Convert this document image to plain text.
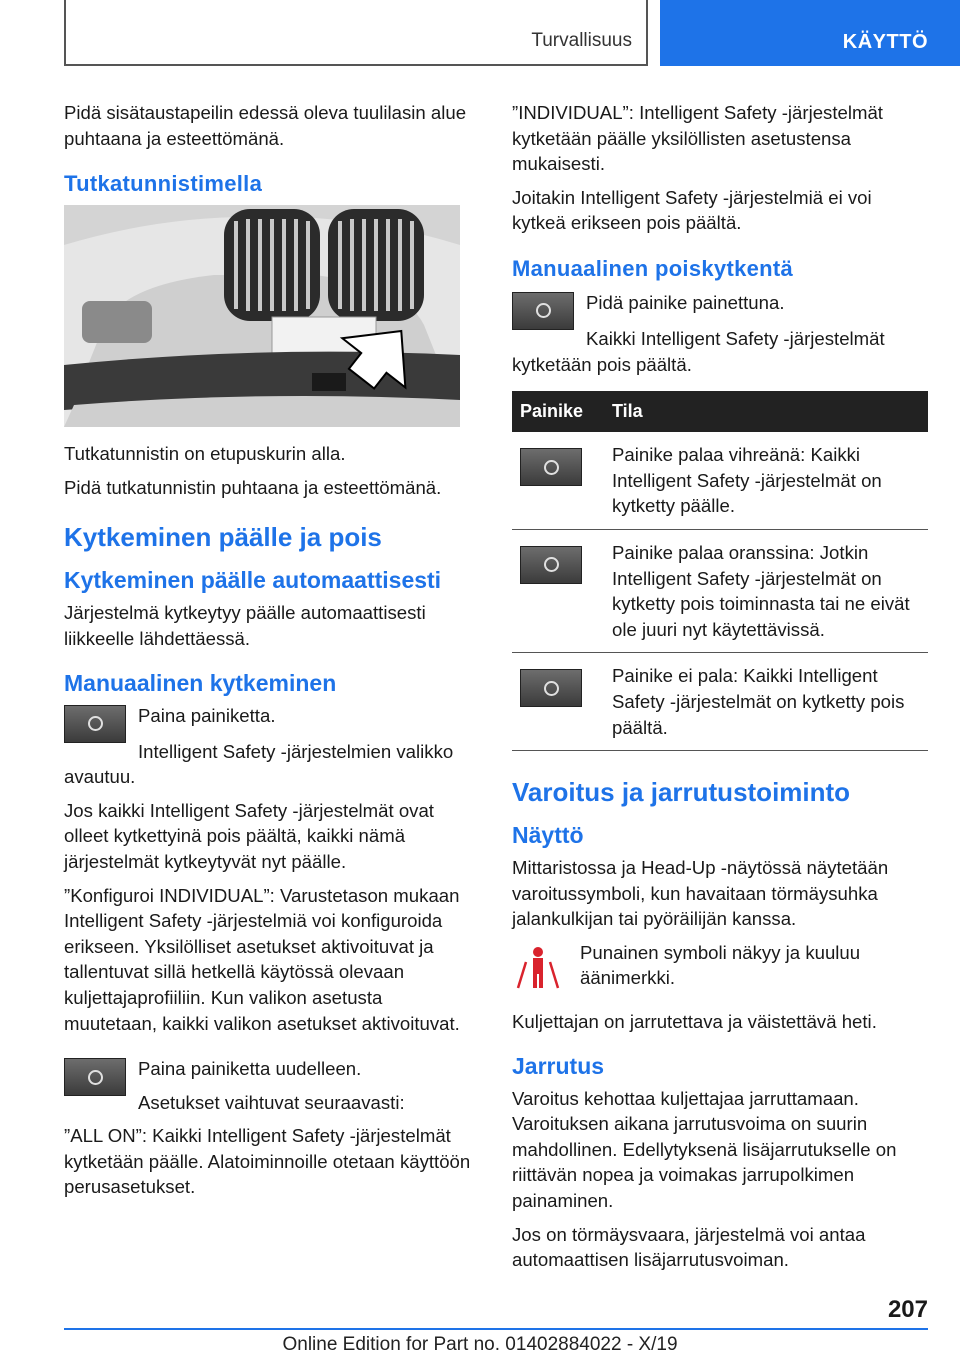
Turvallisuus	KÄYTTÖ

Pidä sisätaustapeilin edessä oleva tuulilasin alue puhtaana ja esteettömänä.

Tutkatunnistimella

Tutkatunnistin on etupuskurin alla.

Pidä tutkatunnistin puhtaana ja esteettömänä.

Kytkeminen päälle ja pois
Kytkeminen päälle automaattisesti

Järjestelmä kytkeytyy päälle automaattisesti liikkeelle lähdettäessä.

Manuaalinen kytkeminen

Paina painiketta.

Intelligent Safety -järjestelmien valikko avautuu.

Jos kaikki Intelligent Safety -järjestelmät ovat olleet kytkettyinä pois päältä, kaikki nämä järjestelmät kytkeytyvät nyt päälle.

”Konfiguroi INDIVIDUAL”: Varustetason mukaan Intelligent Safety -järjestelmiä voi konfiguroida erikseen. Yksilölliset asetukset aktivoituvat ja tallentuvat sillä hetkellä käytössä olevaan kuljettajaprofiiliin. Kun valikon asetusta muutetaan, kaikki valikon asetukset aktivoituvat.

Paina painiketta uudelleen.

Asetukset vaihtuvat seuraavasti:

”ALL ON”: Kaikki Intelligent Safety -järjestelmät kytketään päälle. Alatoiminnoille otetaan käyttöön perusasetukset.

”INDIVIDUAL”: Intelligent Safety -järjestelmät kytketään päälle yksilöllisten asetustensa mukaisesti.

Joitakin Intelligent Safety -järjestelmiä ei voi kytkeä erikseen pois päältä.

Manuaalinen poiskytkentä

Pidä painike painettuna.

Kaikki Intelligent Safety -järjestelmät kytketään pois päältä.

Painike	Tila

	Painike palaa vihreänä: Kaikki Intelligent Safety -järjestelmät on kytketty päälle.

	Painike palaa oranssina: Jotkin Intelligent Safety -järjestelmät on kytketty pois toiminnasta tai ne eivät ole juuri nyt käytettävissä.

	Painike ei pala: Kaikki Intelligent Safety -järjestelmät on kytketty pois päältä.
Varoitus ja jarrutustoiminto
Näyttö

Mittaristossa ja Head-Up -näytössä näytetään varoitussymboli, kun havaitaan törmäysuhka jalankulkijan tai pyöräilijän kanssa.

Punainen symboli näkyy ja kuuluu äänimerkki.

Kuljettajan on jarrutettava ja väistettävä heti.

Jarrutus

Varoitus kehottaa kuljettajaa jarruttamaan. Varoituksen aikana jarrutusvoima on suurin mahdollinen. Edellytyksenä lisäjarrutukselle on riittävän nopea ja voimakas jarrupolkimen painaminen.

Jos on törmäysvaara, järjestelmä voi antaa automaattisen lisäjarrutusvoiman.

207
Online Edition for Part no. 01402884022 - X/19
